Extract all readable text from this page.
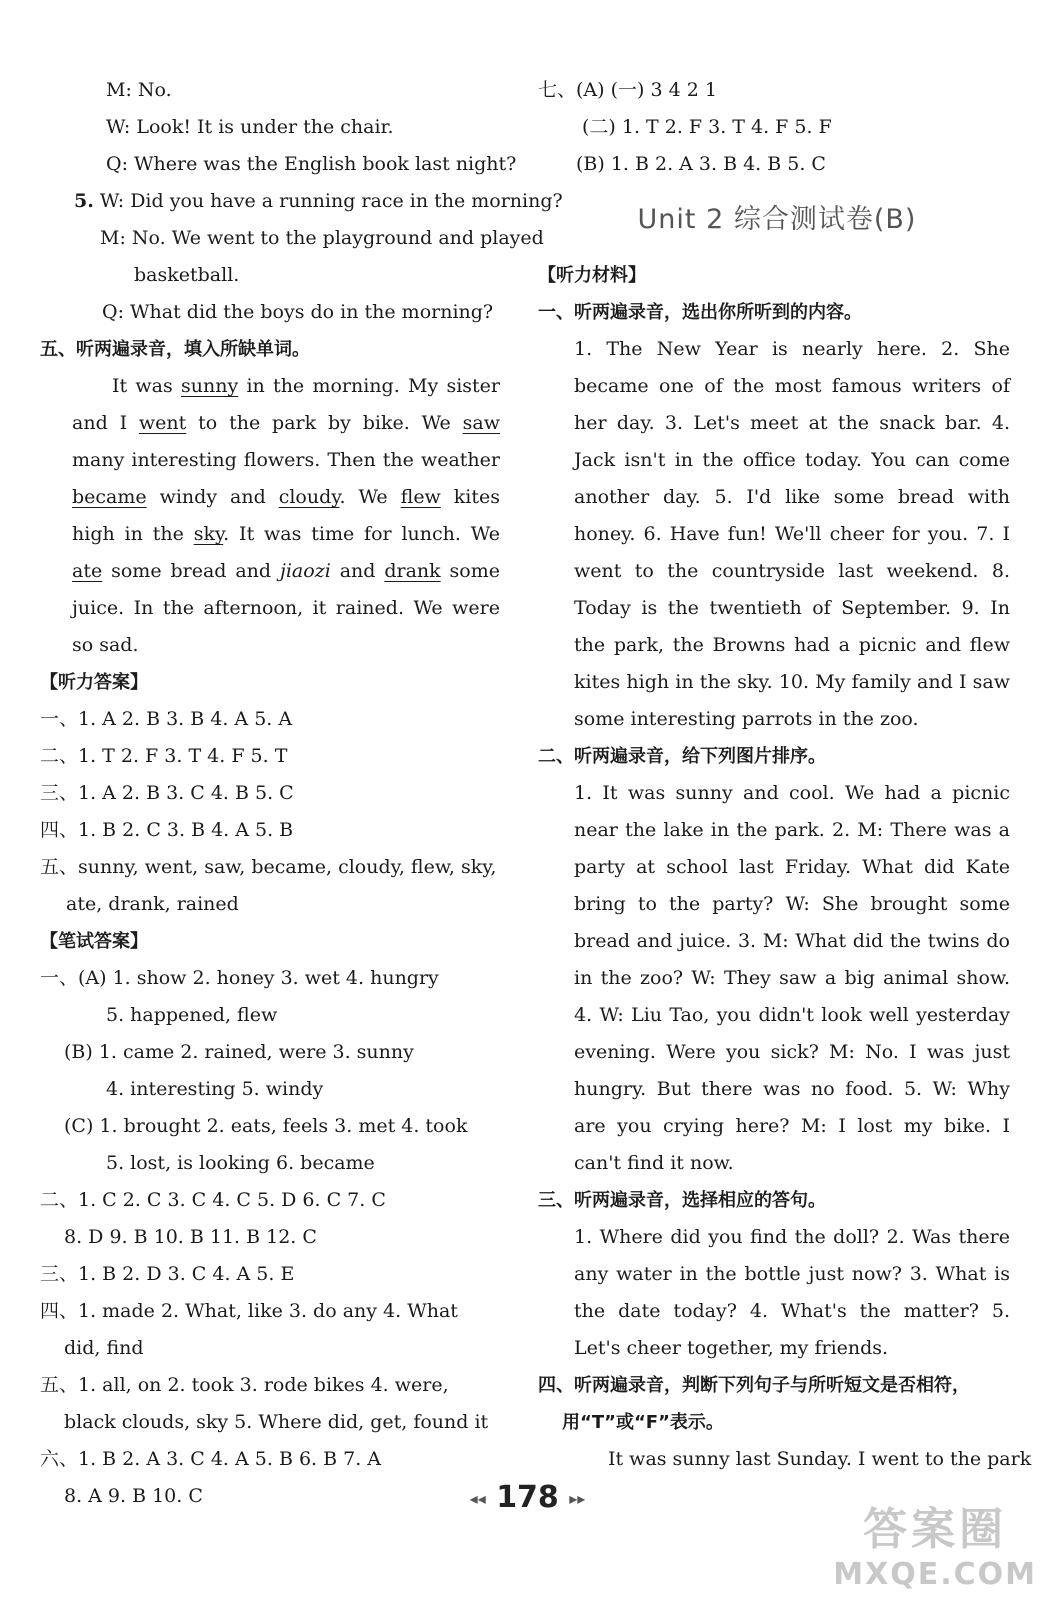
M: No.
W: Look! It is under the chair.
Q: Where was the English book last night?
5. W: Did you have a running race in the morning?
M: No. We went to the playground and played
basketball.
Q: What did the boys do in the morning?
五、听两遍录音，填入所缺单词。
It was sunny in the morning. My sister and I went to the park by bike. We saw many interesting flowers. Then the weather became windy and cloudy. We flew kites high in the sky. It was time for lunch. We ate some bread and jiaozi and drank some juice. In the afternoon, it rained. We were so sad.
【听力答案】
一、1. A 2. B 3. B 4. A 5. A
二、1. T 2. F 3. T 4. F 5. T
三、1. A 2. B 3. C 4. B 5. C
四、1. B 2. C 3. B 4. A 5. B
五、sunny, went, saw, became, cloudy, flew, sky,
ate, drank, rained
【笔试答案】
一、(A) 1. show 2. honey 3. wet 4. hungry
5. happened, flew
(B) 1. came 2. rained, were 3. sunny
4. interesting 5. windy
(C) 1. brought 2. eats, feels 3. met 4. took
5. lost, is looking 6. became
二、1. C 2. C 3. C 4. C 5. D 6. C 7. C
8. D 9. B 10. B 11. B 12. C
三、1. B 2. D 3. C 4. A 5. E
四、1. made 2. What, like 3. do any 4. What
did, find
五、1. all, on 2. took 3. rode bikes 4. were,
black clouds, sky 5. Where did, get, found it
六、1. B 2. A 3. C 4. A 5. B 6. B 7. A
8. A 9. B 10. C
七、(A) (一) 3 4 2 1
(二) 1. T 2. F 3. T 4. F 5. F
(B) 1. B 2. A 3. B 4. B 5. C
Unit 2 综合测试卷(B)
【听力材料】
一、听两遍录音，选出你所听到的内容。
1. The New Year is nearly here. 2. She became one of the most famous writers of her day. 3. Let's meet at the snack bar. 4. Jack isn't in the office today. You can come another day. 5. I'd like some bread with honey. 6. Have fun! We'll cheer for you. 7. I went to the countryside last weekend. 8. Today is the twentieth of September. 9. In the park, the Browns had a picnic and flew kites high in the sky. 10. My family and I saw some interesting parrots in the zoo.
二、听两遍录音，给下列图片排序。
1. It was sunny and cool. We had a picnic near the lake in the park. 2. M: There was a party at school last Friday. What did Kate bring to the party? W: She brought some bread and juice. 3. M: What did the twins do in the zoo? W: They saw a big animal show. 4. W: Liu Tao, you didn't look well yesterday evening. Were you sick? M: No. I was just hungry. But there was no food. 5. W: Why are you crying here? M: I lost my bike. I can't find it now.
三、听两遍录音，选择相应的答句。
1. Where did you find the doll? 2. Was there any water in the bottle just now? 3. What is the date today? 4. What's the matter? 5. Let's cheer together, my friends.
四、听两遍录音，判断下列句子与所听短文是否相符，
用“T”或“F”表示。
It was sunny last Sunday. I went to the park
◂◂ 178 ▸▸
答案圈
MXQE.COM
